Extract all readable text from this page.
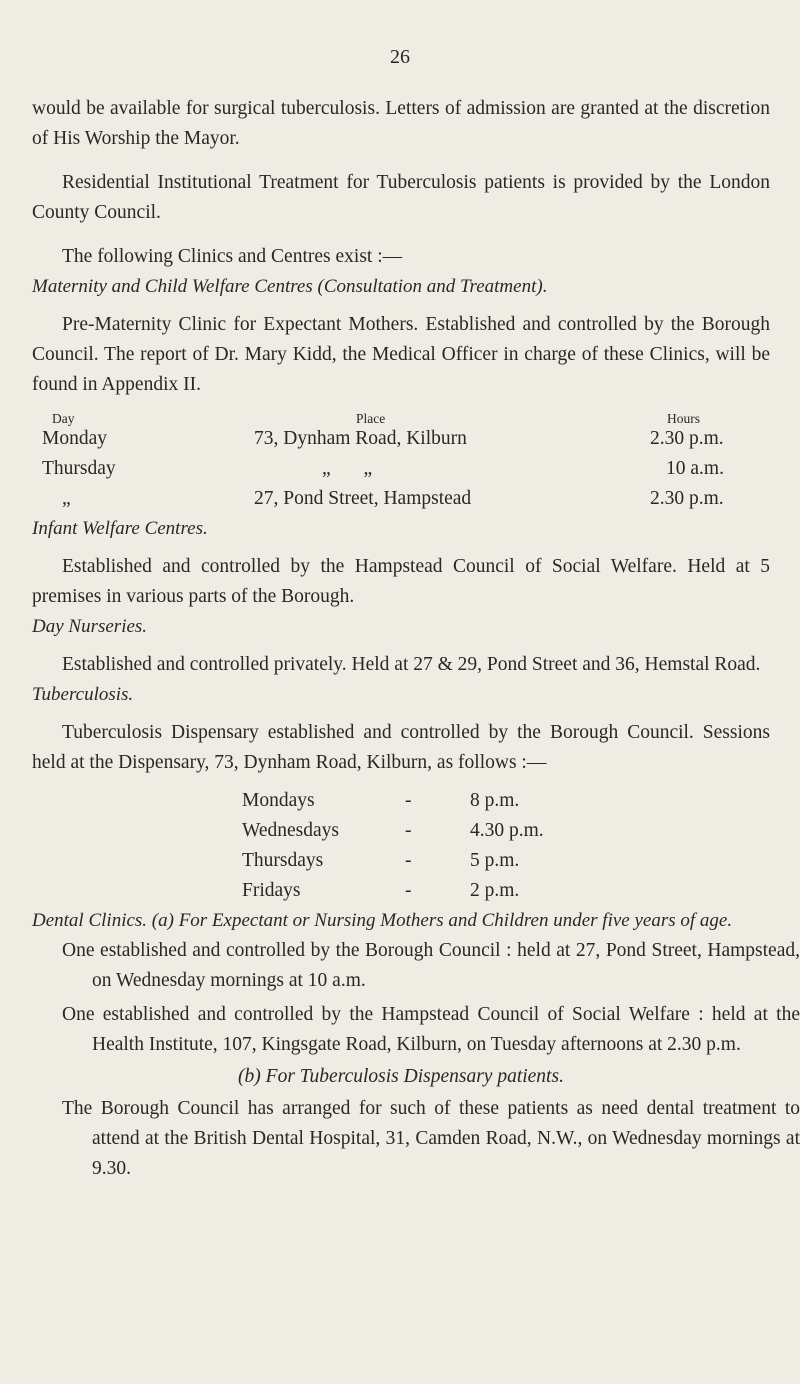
26

would be available for surgical tuberculosis. Letters of admission are granted at the discretion of His Worship the Mayor.

Residential Institutional Treatment for Tuberculosis patients is provided by the London County Council.

The following Clinics and Centres exist :—

Maternity and Child Welfare Centres (Consultation and Treatment).

Pre-Maternity Clinic for Expectant Mothers. Established and controlled by the Borough Council. The report of Dr. Mary Kidd, the Medical Officer in charge of these Clinics, will be found in Appendix II.

Day	Place	Hours
Monday	73, Dynham Road, Kilburn	2.30 p.m.
Thursday	„ „	10 a.m.
„	27, Pond Street, Hampstead	2.30 p.m.

Infant Welfare Centres.

Established and controlled by the Hampstead Council of Social Welfare. Held at 5 premises in various parts of the Borough.

Day Nurseries.

Established and controlled privately. Held at 27 & 29, Pond Street and 36, Hemstal Road.

Tuberculosis.

Tuberculosis Dispensary established and controlled by the Borough Council. Sessions held at the Dispensary, 73, Dynham Road, Kilburn, as follows :—

Mondays	-	8 p.m.
Wednesdays	-	4.30 p.m.
Thursdays	-	5 p.m.
Fridays	-	2 p.m.

Dental Clinics. (a) For Expectant or Nursing Mothers and Children under five years of age.

One established and controlled by the Borough Council : held at 27, Pond Street, Hampstead, on Wednesday mornings at 10 a.m.

One established and controlled by the Hampstead Council of Social Welfare : held at the Health Institute, 107, Kingsgate Road, Kilburn, on Tuesday afternoons at 2.30 p.m.

(b) For Tuberculosis Dispensary patients.

The Borough Council has arranged for such of these patients as need dental treatment to attend at the British Dental Hospital, 31, Camden Road, N.W., on Wednesday mornings at 9.30.
